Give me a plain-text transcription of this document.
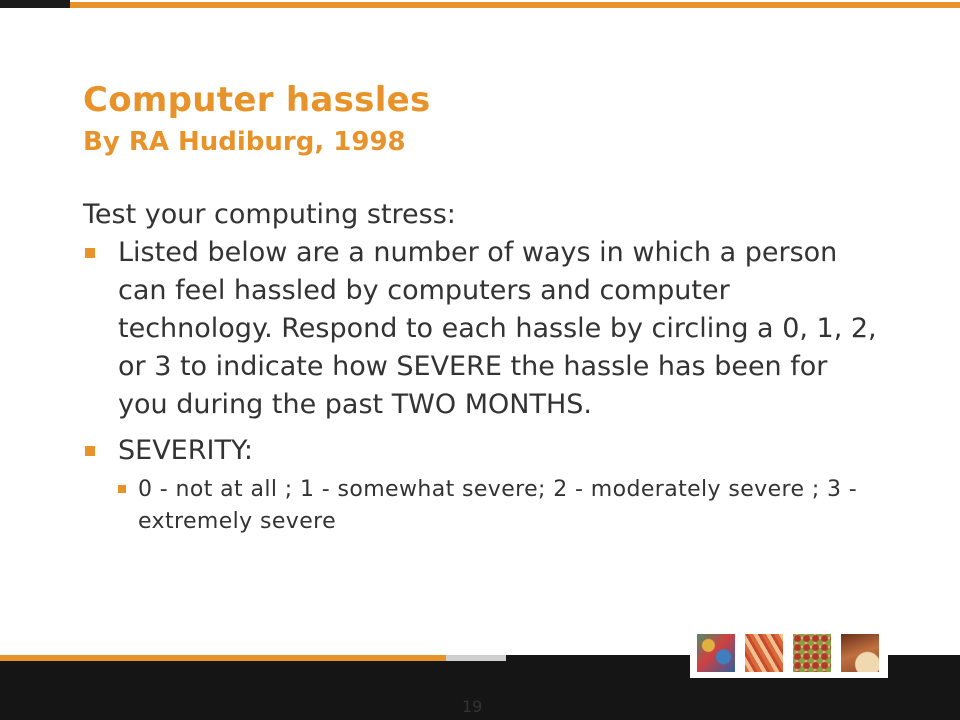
Computer hassles
By RA Hudiburg, 1998

Test your computing stress:

Listed below are a number of ways in which a person can feel hassled by computers and computer technology. Respond to each hassle by circling a 0, 1, 2, or 3 to indicate how SEVERE the hassle has been for you during the past TWO MONTHS.
SEVERITY:
0 - not at all ; 1 - somewhat severe; 2 - moderately severe ; 3 - extremely severe
19
